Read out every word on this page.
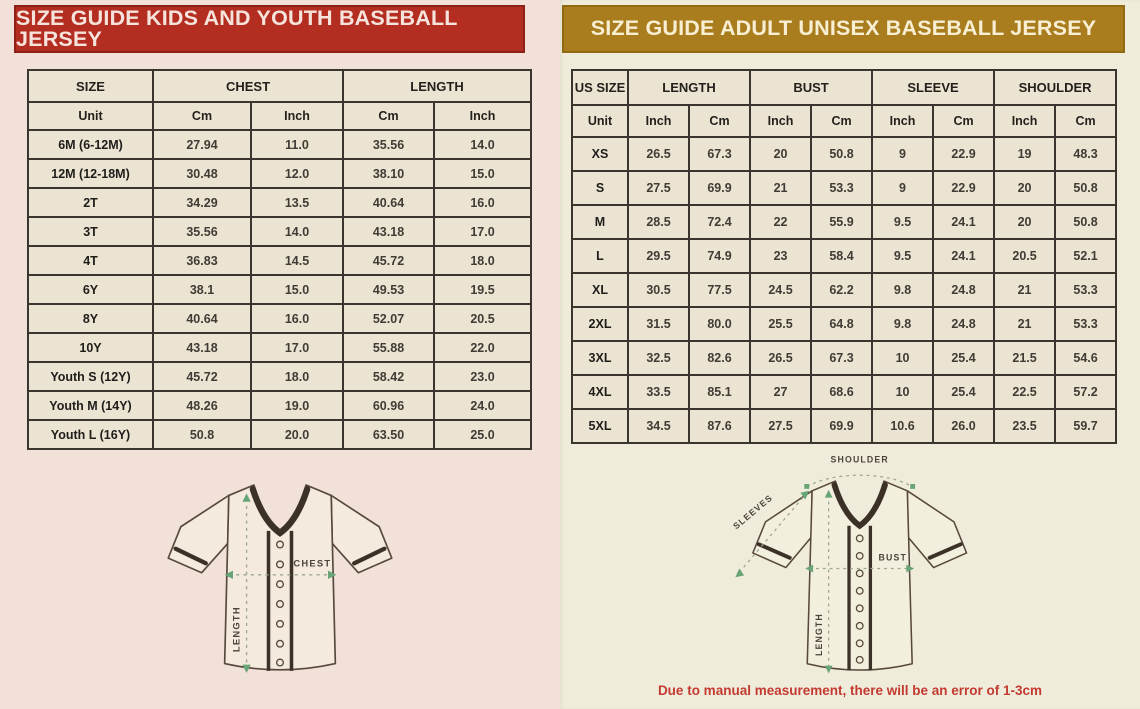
SIZE GUIDE KIDS AND YOUTH BASEBALL JERSEY
SIZE	CHEST		LENGTH	
Unit	Cm	Inch	Cm	Inch
6M (6-12M)	27.94	11.0	35.56	14.0
12M (12-18M)	30.48	12.0	38.10	15.0
2T	34.29	13.5	40.64	16.0
3T	35.56	14.0	43.18	17.0
4T	36.83	14.5	45.72	18.0
6Y	38.1	15.0	49.53	19.5
8Y	40.64	16.0	52.07	20.5
10Y	43.18	17.0	55.88	22.0
Youth S (12Y)	45.72	18.0	58.42	23.0
Youth M (14Y)	48.26	19.0	60.96	24.0
Youth L (16Y)	50.8	20.0	63.50	25.0
CHEST
LENGTH
SIZE GUIDE ADULT UNISEX BASEBALL JERSEY
US SIZE	LENGTH		BUST		SLEEVE		SHOULDER	
Unit	Inch	Cm	Inch	Cm	Inch	Cm	Inch	Cm
XS	26.5	67.3	20	50.8	9	22.9	19	48.3
S	27.5	69.9	21	53.3	9	22.9	20	50.8
M	28.5	72.4	22	55.9	9.5	24.1	20	50.8
L	29.5	74.9	23	58.4	9.5	24.1	20.5	52.1
XL	30.5	77.5	24.5	62.2	9.8	24.8	21	53.3
2XL	31.5	80.0	25.5	64.8	9.8	24.8	21	53.3
3XL	32.5	82.6	26.5	67.3	10	25.4	21.5	54.6
4XL	33.5	85.1	27	68.6	10	25.4	22.5	57.2
5XL	34.5	87.6	27.5	69.9	10.6	26.0	23.5	59.7
SHOULDER
SLEEVES
BUST
LENGTH
Due to manual measurement, there will be an error of 1-3cm
